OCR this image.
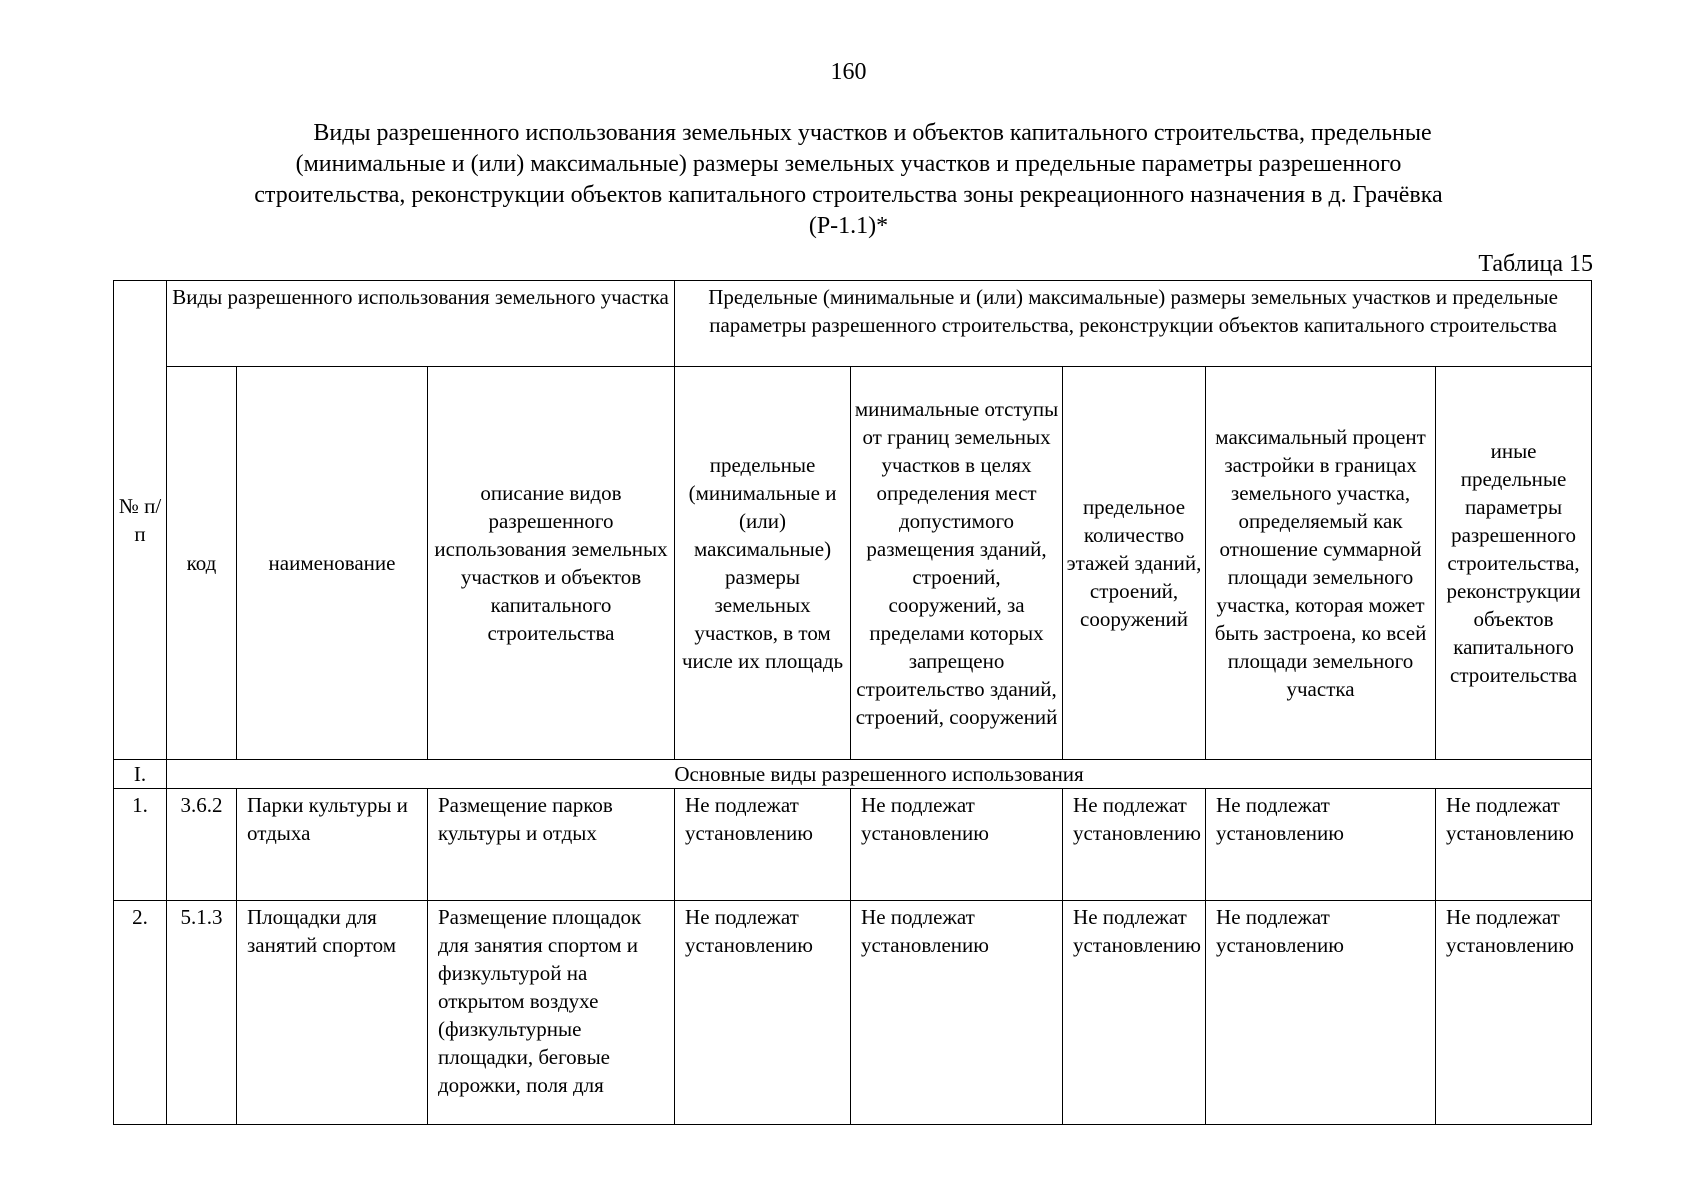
160
Виды разрешенного использования земельных участков и объектов капитального строительства, предельные
(минимальные и (или) максимальные) размеры земельных участков и предельные параметры разрешенного
строительства, реконструкции объектов капитального строительства зоны рекреационного назначения в д. Грачёвка
(Р-1.1)*
Таблица 15
№ п/п	Виды разрешенного использования земельного участка			Предельные (минимальные и (или) максимальные) размеры земельных участков и предельные параметры разрешенного строительства, реконструкции объектов капитального строительства				
	код	наименование	описание видов разрешенного использования земельных участков и объектов капитального строительства	предельные (минимальные и (или) максимальные) размеры земельных участков, в том числе их площадь	минимальные отступы от границ земельных участков в целях определения мест допустимого размещения зданий, строений, сооружений, за пределами которых запрещено строительство зданий, строений, сооружений	предельное количество этажей зданий, строений, сооружений	максимальный процент застройки в границах земельного участка, определяемый как отношение суммарной площади земельного участка, которая может быть застроена, ко всей площади земельного участка	иные предельные параметры разрешенного строительства, реконструкции объектов капитального строительства
I.	Основные виды разрешенного использования							
1.	3.6.2	Парки культуры и отдыха	Размещение парков культуры и отдых	Не подлежат установлению	Не подлежат установлению	Не подлежат установлению	Не подлежат установлению	Не подлежат установлению
2.	5.1.3	Площадки для занятий спортом	Размещение площадок для занятия спортом и физкультурой на открытом воздухе (физкультурные площадки, беговые дорожки, поля для	Не подлежат установлению	Не подлежат установлению	Не подлежат установлению	Не подлежат установлению	Не подлежат установлению
